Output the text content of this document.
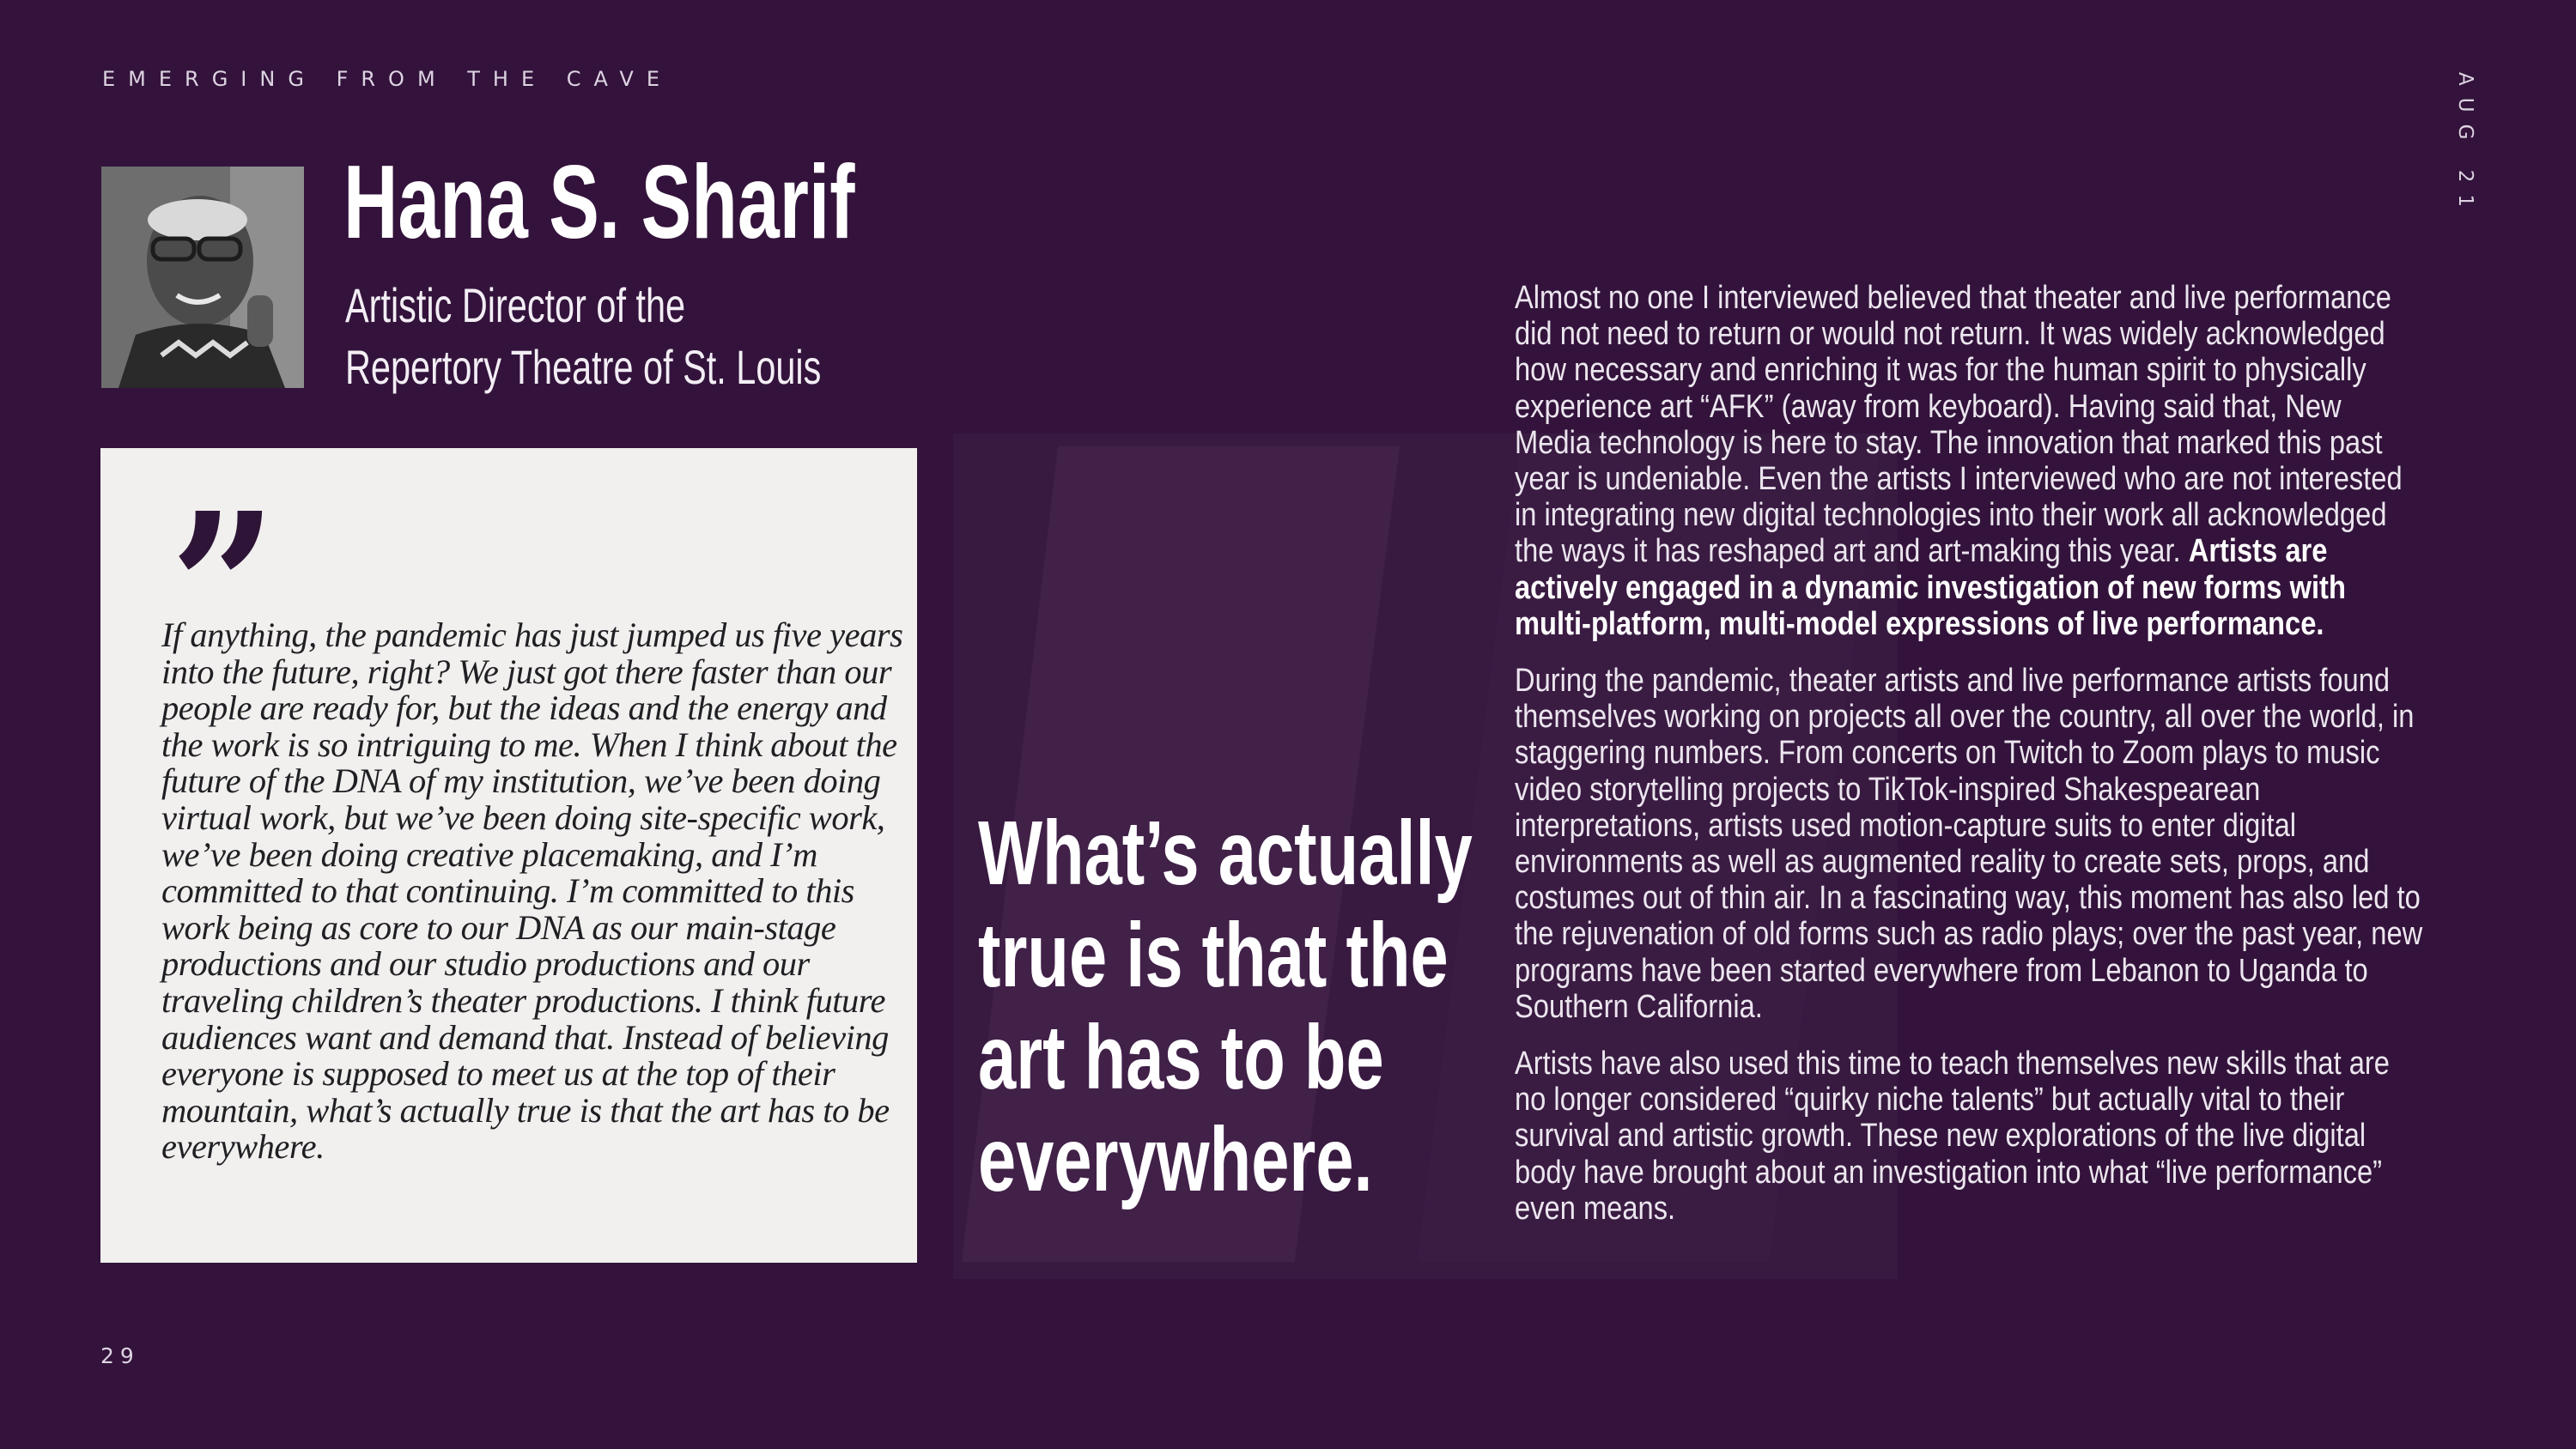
EMERGING FROM THE CAVE	AUG 21
Hana S. Sharif
Artistic Director of the
Repertory Theatre of St. Louis
”
If anything, the pandemic has just jumped us five years into the future, right? We just got there faster than our people are ready for, but the ideas and the energy and the work is so intriguing to me. When I think about the future of the DNA of my institution, we’ve been doing virtual work, but we’ve been doing site-specific work, we’ve been doing creative placemaking, and I’m committed to that continuing. I’m committed to this work being as core to our DNA as our main-stage productions and our studio productions and our traveling children’s theater productions. I think future audiences want and demand that. Instead of believing everyone is supposed to meet us at the top of their mountain, what’s actually true is that the art has to be everywhere.
What’s actually
true is that the
art has to be
everywhere.

Almost no one I interviewed believed that theater and live performance did not need to return or would not return. It was widely acknowledged how necessary and enriching it was for the human spirit to physically experience art “AFK” (away from keyboard). Having said that, New Media technology is here to stay. The innovation that marked this past year is undeniable. Even the artists I interviewed who are not interested in integrating new digital technologies into their work all acknowledged the ways it has reshaped art and art-making this year. Artists are actively engaged in a dynamic investigation of new forms with multi-platform, multi-model expressions of live performance.

During the pandemic, theater artists and live performance artists found themselves working on projects all over the country, all over the world, in staggering numbers. From concerts on Twitch to Zoom plays to music video storytelling projects to TikTok-inspired Shakespearean interpretations, artists used motion-capture suits to enter digital environments as well as augmented reality to create sets, props, and costumes out of thin air. In a fascinating way, this moment has also led to the rejuvenation of old forms such as radio plays; over the past year, new programs have been started everywhere from Lebanon to Uganda to Southern California.

Artists have also used this time to teach themselves new skills that are no longer considered “quirky niche talents” but actually vital to their survival and artistic growth. These new explorations of the live digital body have brought about an investigation into what “live performance” even means.

29
